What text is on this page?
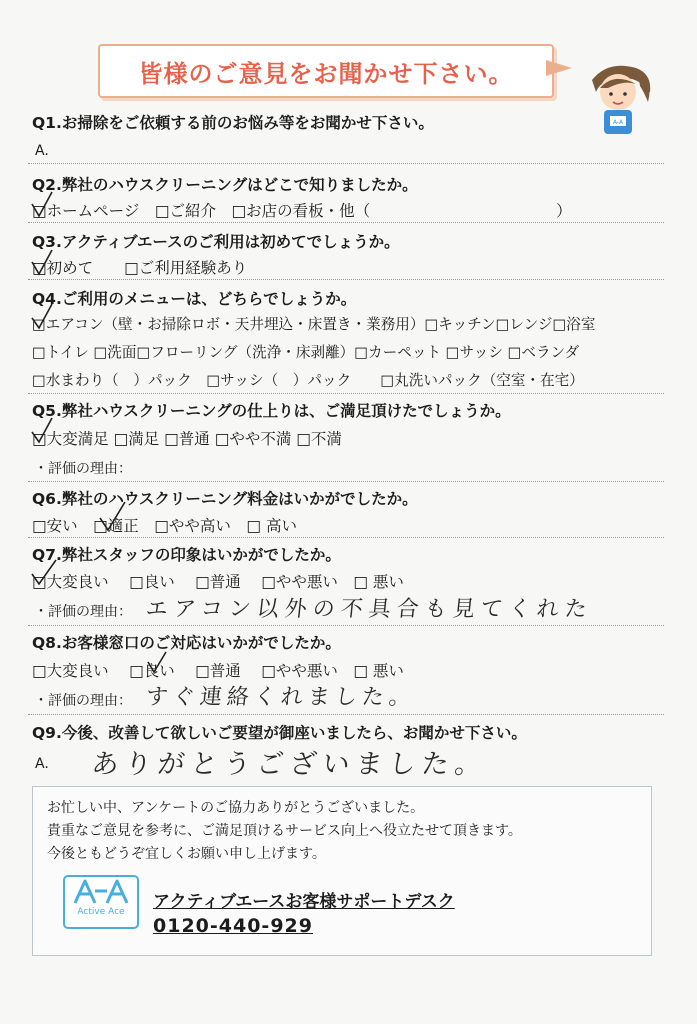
皆様のご意見をお聞かせ下さい。
A-A
Q1.お掃除をご依頼する前のお悩み等をお聞かせ下さい。
A.
Q2.弊社のハウスクリーニングはどこで知りましたか。
□ホームページ　□ご紹介　□お店の看板・他（　　　　　　　　　　　　）
Q3.アクティブエースのご利用は初めてでしょうか。
□初めて　　□ご利用経験あり
Q4.ご利用のメニューは、どちらでしょうか。
□エアコン（壁・お掃除ロボ・天井埋込・床置き・業務用）□キッチン□レンジ□浴室
□トイレ □洗面□フローリング（洗浄・床剥離）□カーペット □サッシ □ベランダ
□水まわり（　）パック　□サッシ（　）パック　　□丸洗いパック（空室・在宅）
Q5.弊社ハウスクリーニングの仕上りは、ご満足頂けたでしょうか。
□大変満足 □満足 □普通 □やや不満 □不満
・評価の理由：
Q6.弊社のハウスクリーニング料金はいかがでしたか。
□安い　□適正　□やや高い　□ 高い
Q7.弊社スタッフの印象はいかがでしたか。
□大変良い　 □良い　 □普通　 □やや悪い　□ 悪い
・評価の理由： エアコン以外の不具合も見てくれた
Q8.お客様窓口のご対応はいかがでしたか。
□大変良い　 □良い　 □普通　 □やや悪い　□ 悪い
・評価の理由： すぐ連絡くれました。
Q9.今後、改善して欲しいご要望が御座いましたら、お聞かせ下さい。
A. ありがとうございました。
お忙しい中、アンケートのご協力ありがとうございました。
貴重なご意見を参考に、ご満足頂けるサービス向上へ役立たせて頂きます。
今後ともどうぞ宜しくお願い申し上げます。
Active Ace	アクティブエースお客様サポートデスク
0120-440-929
